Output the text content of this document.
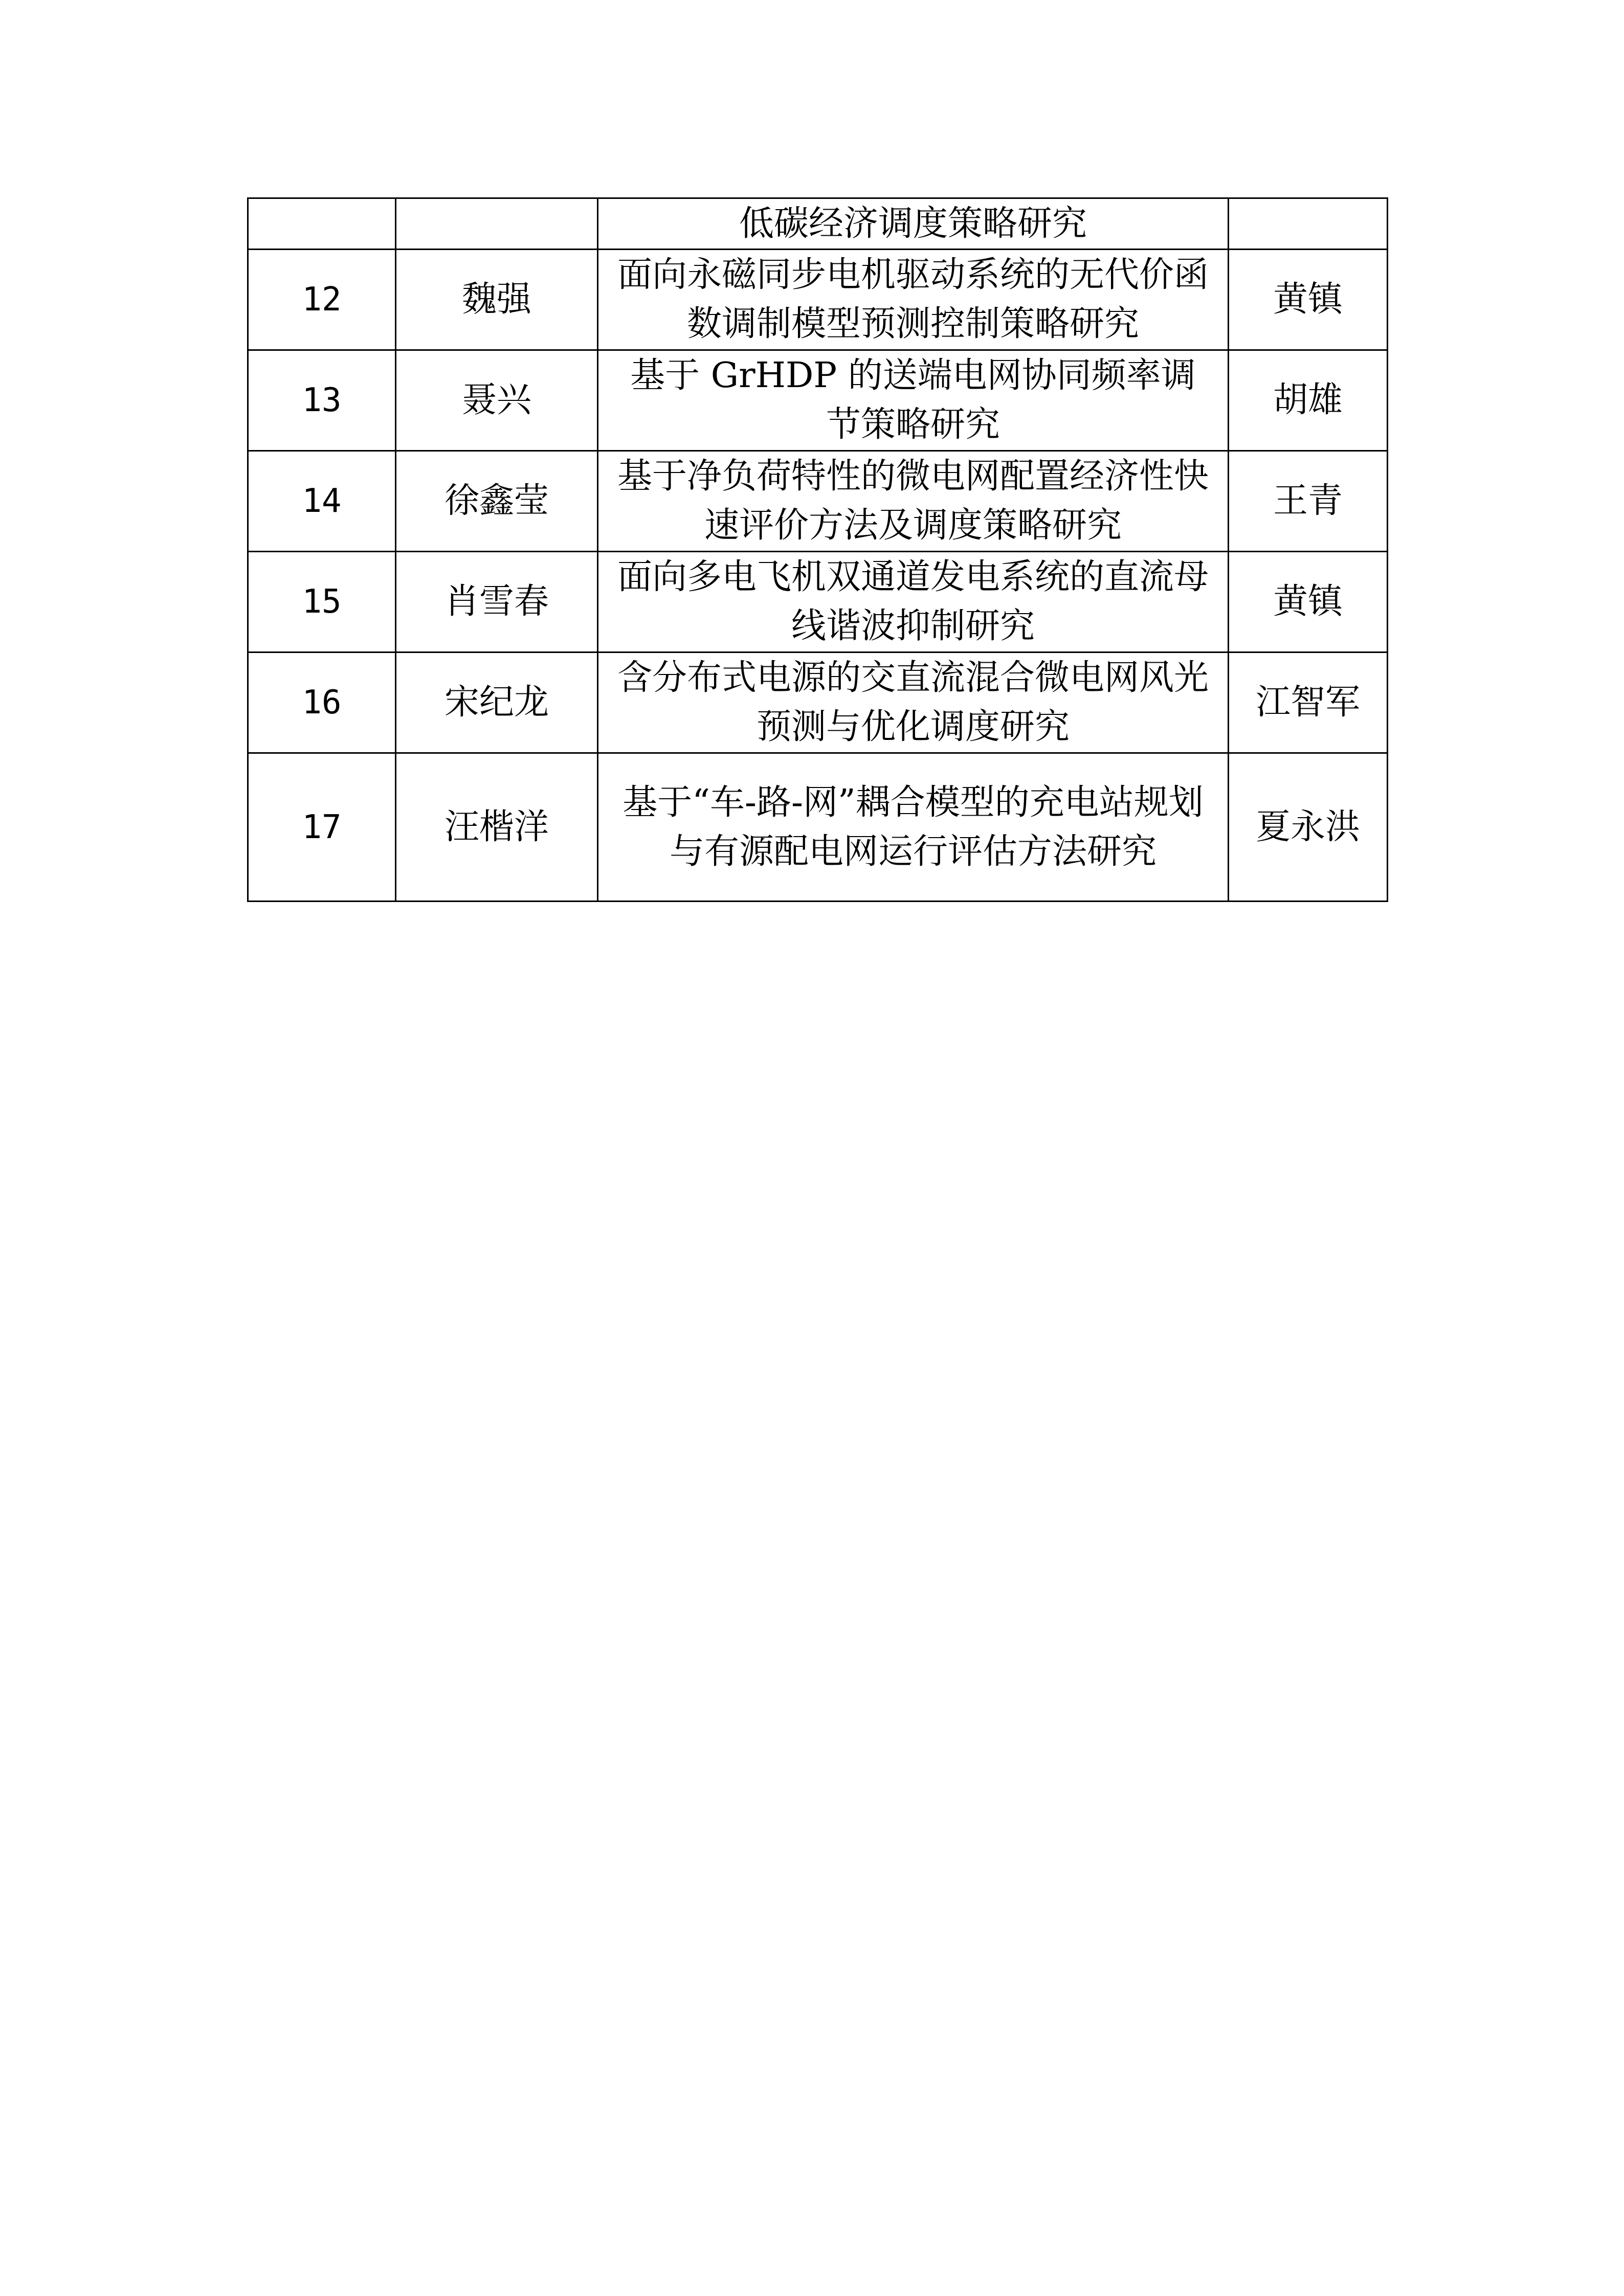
		低碳经济调度策略研究	
12	魏强	面向永磁同步电机驱动系统的无代价函数调制模型预测控制策略研究	黄镇
13	聂兴	基于 GrHDP 的送端电网协同频率调节策略研究	胡雄
14	徐鑫莹	基于净负荷特性的微电网配置经济性快速评价方法及调度策略研究	王青
15	肖雪春	面向多电飞机双通道发电系统的直流母线谐波抑制研究	黄镇
16	宋纪龙	含分布式电源的交直流混合微电网风光预测与优化调度研究	江智军
17	汪楷洋	基于“车-路-网”耦合模型的充电站规划与有源配电网运行评估方法研究	夏永洪
